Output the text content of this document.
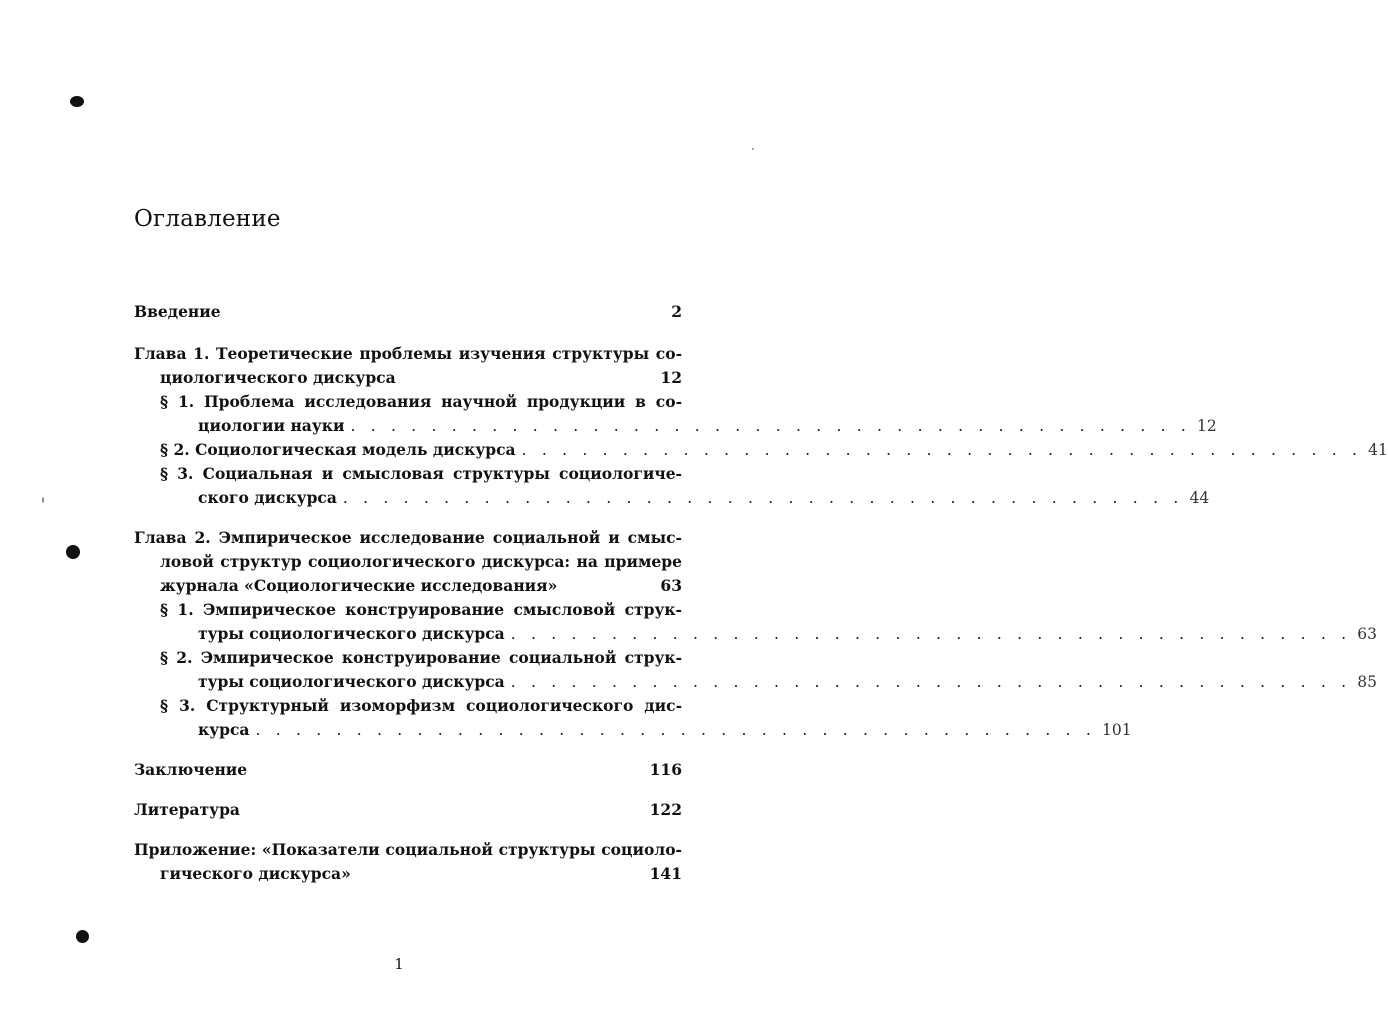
Оглавление
Введение	2
Глава 1. Теоретические проблемы изучения структуры со-
циологического дискурса	12
§ 1. Проблема исследования научной продукции в со-
циологии науки . . . . . . . . . . . . . . . . . . . . . . . . . . . . . . . . . . . . . . . . . . 12
§ 2. Социологическая модель дискурса . . . . . . . . . . . . . . . . . . . . . . . . . . . . . . . . . . . . . . . . . . 41
§ 3. Социальная и смысловая структуры социологиче-
ского дискурса . . . . . . . . . . . . . . . . . . . . . . . . . . . . . . . . . . . . . . . . . . 44
Глава 2. Эмпирическое исследование социальной и смыс-
ловой структур социологического дискурса: на примере
журнала «Социологические исследования»	63
§ 1. Эмпирическое конструирование смысловой струк-
туры социологического дискурса . . . . . . . . . . . . . . . . . . . . . . . . . . . . . . . . . . . . . . . . . . 63
§ 2. Эмпирическое конструирование социальной струк-
туры социологического дискурса . . . . . . . . . . . . . . . . . . . . . . . . . . . . . . . . . . . . . . . . . . 85
§ 3. Структурный изоморфизм социологического дис-
курса . . . . . . . . . . . . . . . . . . . . . . . . . . . . . . . . . . . . . . . . . . 101
Заключение	116
Литература	122
Приложение: «Показатели социальной структуры социоло-
гического дискурса»	141
1
